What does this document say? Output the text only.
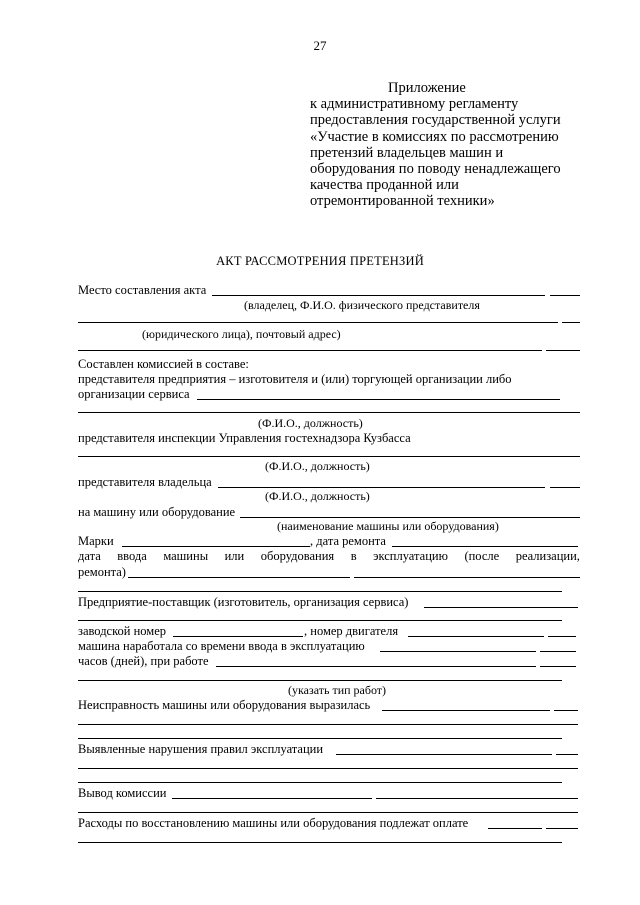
27
Приложение
к административному регламенту
предоставления государственной услуги
«Участие в комиссиях по рассмотрению
претензий владельцев машин и
оборудования по поводу ненадлежащего
качества проданной или
отремонтированной техники»
АКТ РАССМОТРЕНИЯ ПРЕТЕНЗИЙ
Место составления акта
(владелец, Ф.И.О. физического представителя
(юридического лица), почтовый адрес)
Составлен комиссией в составе:
представителя предприятия – изготовителя и (или) торгующей организации либо
организации сервиса
(Ф.И.О., должность)
представителя инспекции Управления гостехнадзора Кузбасса
(Ф.И.О., должность)
представителя владельца
(Ф.И.О., должность)
на машину или оборудование
(наименование машины или оборудования)
Марки	, дата ремонта
дата ввода машины или оборудования в эксплуатацию (после реализации,
ремонта)
Предприятие-поставщик (изготовитель, организация сервиса)
заводской номер	, номер двигателя
машина наработала со времени ввода в эксплуатацию
часов (дней), при работе
(указать тип работ)
Неисправность машины или оборудования выразилась
Выявленные нарушения правил эксплуатации
Вывод комиссии
Расходы по восстановлению машины или оборудования подлежат оплате
